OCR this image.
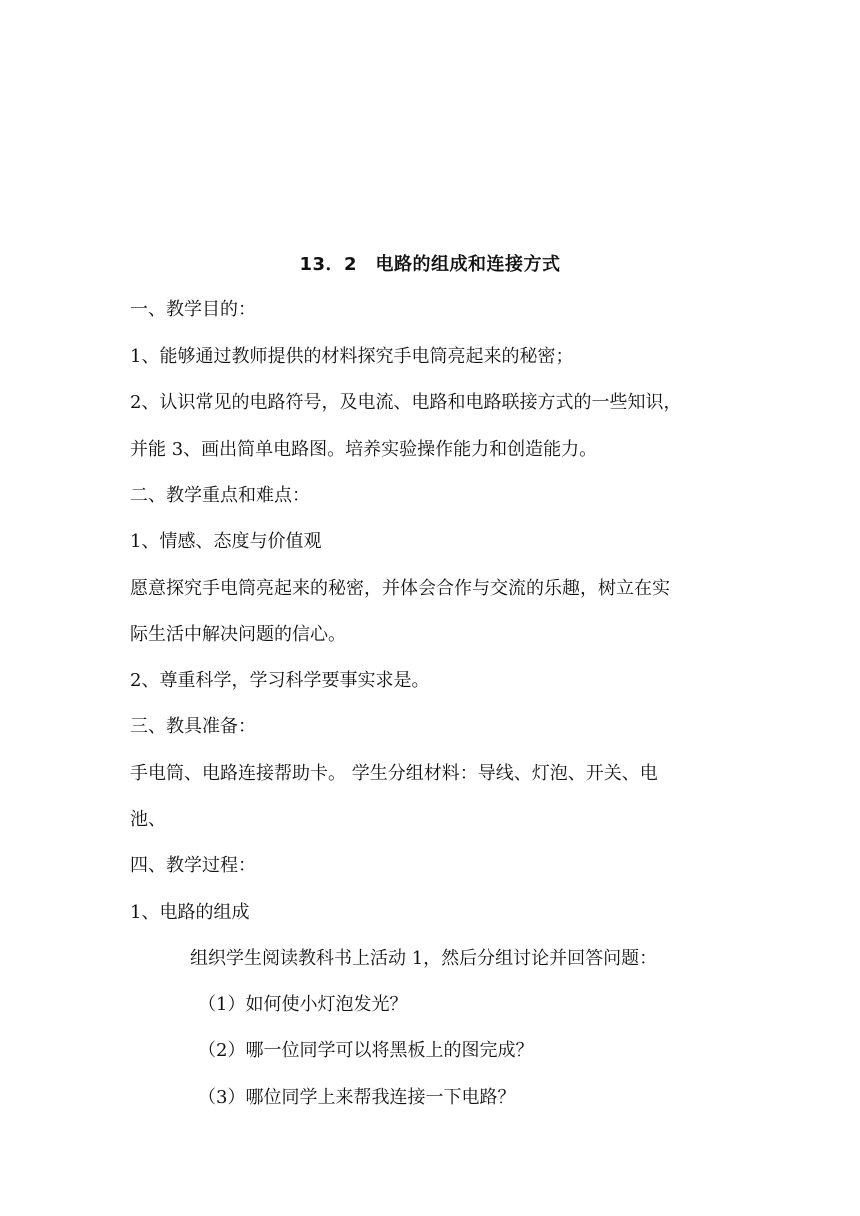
13．2　电路的组成和连接方式
一、教学目的：
1、能够通过教师提供的材料探究手电筒亮起来的秘密；
2、认识常见的电路符号，及电流、电路和电路联接方式的一些知识，
并能 3、画出简单电路图。培养实验操作能力和创造能力。
二、教学重点和难点：
1、情感、态度与价值观
愿意探究手电筒亮起来的秘密，并体会合作与交流的乐趣，树立在实
际生活中解决问题的信心。
2、尊重科学，学习科学要事实求是。
三、教具准备：
手电筒、电路连接帮助卡。 学生分组材料：导线、灯泡、开关、电
池、
四、教学过程：
1、电路的组成
组织学生阅读教科书上活动 1，然后分组讨论并回答问题：
（1）如何使小灯泡发光？
（2）哪一位同学可以将黑板上的图完成？
（3）哪位同学上来帮我连接一下电路？
